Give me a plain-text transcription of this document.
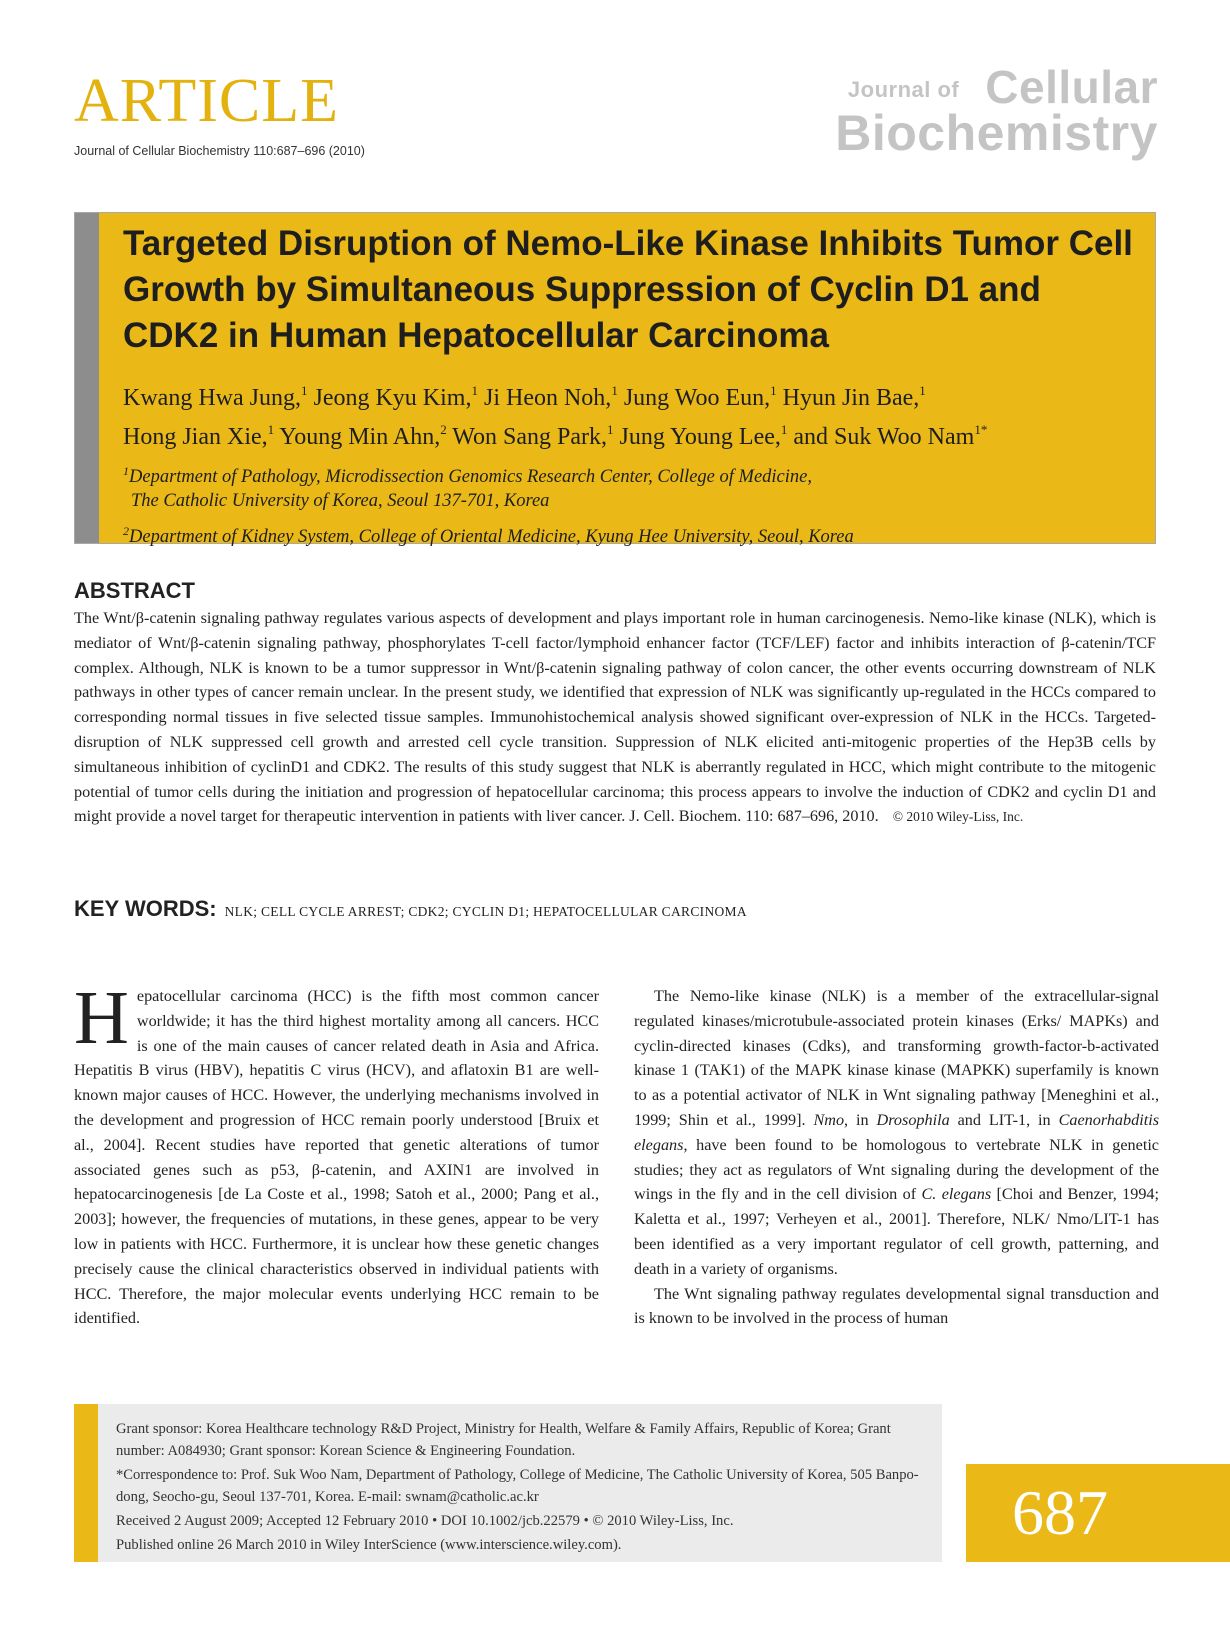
ARTICLE
Journal of Cellular Biochemistry 110:687–696 (2010)
Journal of Cellular
Biochemistry
Targeted Disruption of Nemo-Like Kinase Inhibits Tumor Cell Growth by Simultaneous Suppression of Cyclin D1 and CDK2 in Human Hepatocellular Carcinoma
Kwang Hwa Jung,$^1$ Jeong Kyu Kim,$^1$ Ji Heon Noh,$^1$ Jung Woo Eun,$^1$ Hyun Jin Bae,$^1$
Hong Jian Xie,$^1$ Young Min Ahn,$^2$ Won Sang Park,$^1$ Jung Young Lee,$^1$ and Suk Woo Nam$^{1*}$
$^1$Department of Pathology, Microdissection Genomics Research Center, College of Medicine,
The Catholic University of Korea, Seoul 137-701, Korea
$^2$Department of Kidney System, College of Oriental Medicine, Kyung Hee University, Seoul, Korea
ABSTRACT
The Wnt/β-catenin signaling pathway regulates various aspects of development and plays important role in human carcinogenesis. Nemo-like kinase (NLK), which is mediator of Wnt/β-catenin signaling pathway, phosphorylates T-cell factor/lymphoid enhancer factor (TCF/LEF) factor and inhibits interaction of β-catenin/TCF complex. Although, NLK is known to be a tumor suppressor in Wnt/β-catenin signaling pathway of colon cancer, the other events occurring downstream of NLK pathways in other types of cancer remain unclear. In the present study, we identified that expression of NLK was significantly up-regulated in the HCCs compared to corresponding normal tissues in five selected tissue samples. Immunohistochemical analysis showed significant over-expression of NLK in the HCCs. Targeted-disruption of NLK suppressed cell growth and arrested cell cycle transition. Suppression of NLK elicited anti-mitogenic properties of the Hep3B cells by simultaneous inhibition of cyclinD1 and CDK2. The results of this study suggest that NLK is aberrantly regulated in HCC, which might contribute to the mitogenic potential of tumor cells during the initiation and progression of hepatocellular carcinoma; this process appears to involve the induction of CDK2 and cyclin D1 and might provide a novel target for therapeutic intervention in patients with liver cancer. J. Cell. Biochem. 110: 687–696, 2010. © 2010 Wiley-Liss, Inc.
KEY WORDS: NLK; CELL CYCLE ARREST; CDK2; CYCLIN D1; HEPATOCELLULAR CARCINOMA

Hepatocellular carcinoma (HCC) is the fifth most common cancer worldwide; it has the third highest mortality among all cancers. HCC is one of the main causes of cancer related death in Asia and Africa. Hepatitis B virus (HBV), hepatitis C virus (HCV), and aflatoxin B1 are well-known major causes of HCC. However, the underlying mechanisms involved in the development and progression of HCC remain poorly understood [Bruix et al., 2004]. Recent studies have reported that genetic alterations of tumor associated genes such as p53, β-catenin, and AXIN1 are involved in hepatocarcinogenesis [de La Coste et al., 1998; Satoh et al., 2000; Pang et al., 2003]; however, the frequencies of mutations, in these genes, appear to be very low in patients with HCC. Furthermore, it is unclear how these genetic changes precisely cause the clinical characteristics observed in individual patients with HCC. Therefore, the major molecular events underlying HCC remain to be identified.

The Nemo-like kinase (NLK) is a member of the extracellular-signal regulated kinases/microtubule-associated protein kinases (Erks/ MAPKs) and cyclin-directed kinases (Cdks), and transforming growth-factor-b-activated kinase 1 (TAK1) of the MAPK kinase kinase (MAPKK) superfamily is known to as a potential activator of NLK in Wnt signaling pathway [Meneghini et al., 1999; Shin et al., 1999]. Nmo, in Drosophila and LIT-1, in Caenorhabditis elegans, have been found to be homologous to vertebrate NLK in genetic studies; they act as regulators of Wnt signaling during the development of the wings in the fly and in the cell division of C. elegans [Choi and Benzer, 1994; Kaletta et al., 1997; Verheyen et al., 2001]. Therefore, NLK/ Nmo/LIT-1 has been identified as a very important regulator of cell growth, patterning, and death in a variety of organisms.

The Wnt signaling pathway regulates developmental signal transduction and is known to be involved in the process of human

Grant sponsor: Korea Healthcare technology R&D Project, Ministry for Health, Welfare & Family Affairs, Republic of Korea; Grant number: A084930; Grant sponsor: Korean Science & Engineering Foundation.
*Correspondence to: Prof. Suk Woo Nam, Department of Pathology, College of Medicine, The Catholic University of Korea, 505 Banpo-dong, Seocho-gu, Seoul 137-701, Korea. E-mail: swnam@catholic.ac.kr
Received 2 August 2009; Accepted 12 February 2010 • DOI 10.1002/jcb.22579 • © 2010 Wiley-Liss, Inc.
Published online 26 March 2010 in Wiley InterScience (www.interscience.wiley.com).	687
